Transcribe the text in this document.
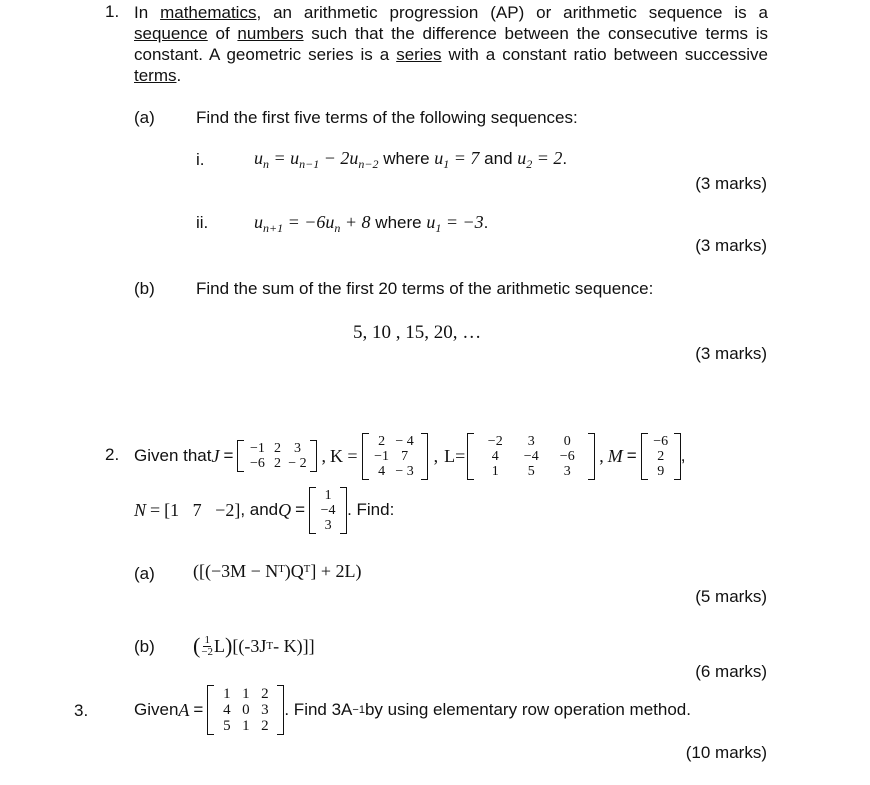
1. In mathematics, an arithmetic progression (AP) or arithmetic sequence is a sequence of numbers such that the difference between the consecutive terms is constant. A geometric series is a series with a constant ratio between successive terms.
(a) Find the first five terms of the following sequences:
i.	$u_n = u_{n-1} - 2u_{n-2}$ where $u_1 = 7$ and $u_2 = 2$.
(3 marks)
ii.	$u_{n+1} = -6u_n + 8$ where $u_1 = -3$.
(3 marks)
(b) Find the sum of the first 20 terms of the arithmetic sequence:
5, 10 , 15, 20, …
(3 marks)
2. Given that J = −1 2 3
−6 2 − 2 , K =
2 − 4
−1 7
4 − 3
, L=
−2	3	0
4	−4	−6
1	5	3
, M =
−6
2
9
,
N = [1   7   −2] , and Q =
1
−4
3
. Find:
(a) ([(−3M − Nᵀ)Qᵀ] + 2L)
(5 marks)
(b) ( $\frac{1}{-2}$ L ) [(-3J T - K)]]
(6 marks)
3.	Given A =
1 1 2
4 0 3
5 1 2
. Find 3A −1 by using elementary row operation method.
(10 marks)
